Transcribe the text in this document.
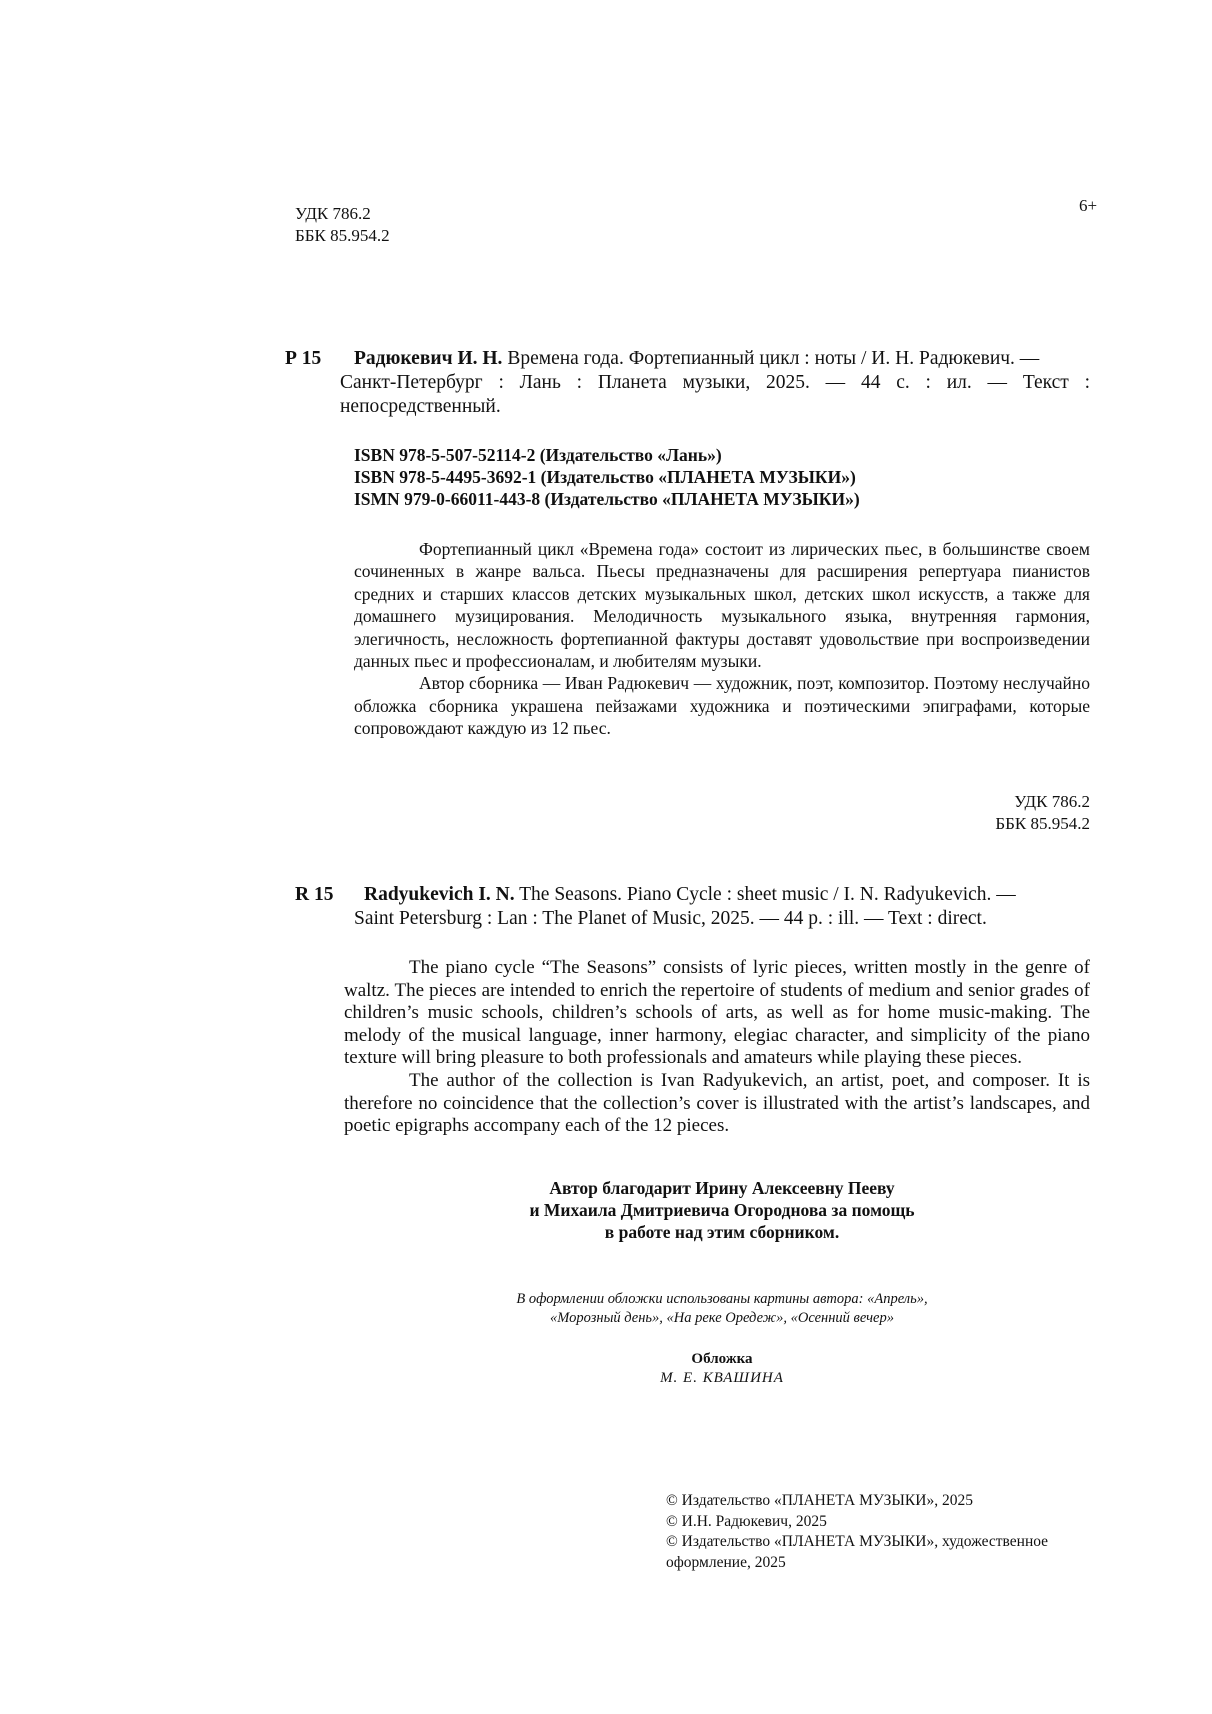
УДК 786.2
ББК 85.954.2
6+
Р 15 Радюкевич И. Н. Времена года. Фортепианный цикл : ноты / И. Н. Радюкевич. —
Санкт-Петербург : Лань : Планета музыки, 2025. — 44 с. : ил. — Текст :
непосредственный.
ISBN 978-5-507-52114-2 (Издательство «Лань»)
ISBN 978-5-4495-3692-1 (Издательство «ПЛАНЕТА МУЗЫКИ»)
ISMN 979-0-66011-443-8 (Издательство «ПЛАНЕТА МУЗЫКИ»)

Фортепианный цикл «Времена года» состоит из лирических пьес, в большинстве своем сочиненных в жанре вальса. Пьесы предназначены для расширения репертуара пианистов средних и старших классов детских музыкальных школ, детских школ искусств, а также для домашнего музицирования. Мелодичность музыкального языка, внутренняя гармония, элегичность, несложность фортепианной фактуры доставят удовольствие при воспроизведении данных пьес и профессионалам, и любителям музыки.

Автор сборника — Иван Радюкевич — художник, поэт, композитор. Поэтому неслучайно обложка сборника украшена пейзажами художника и поэтическими эпиграфами, которые сопровождают каждую из 12 пьес.

УДК 786.2
ББК 85.954.2
R 15 Radyukevich I. N. The Seasons. Piano Cycle : sheet music / I. N. Radyukevich. —
Saint Petersburg : Lan : The Planet of Music, 2025. — 44 p. : ill. — Text : direct.

The piano cycle “The Seasons” consists of lyric pieces, written mostly in the genre of waltz. The pieces are intended to enrich the repertoire of students of medium and senior grades of children’s music schools, children’s schools of arts, as well as for home music-making. The melody of the musical language, inner harmony, elegiac character, and simplicity of the piano texture will bring pleasure to both professionals and amateurs while playing these pieces.

The author of the collection is Ivan Radyukevich, an artist, poet, and composer. It is therefore no coincidence that the collection’s cover is illustrated with the artist’s landscapes, and poetic epigraphs accompany each of the 12 pieces.

Автор благодарит Ирину Алексеевну Пееву
и Михаила Дмитриевича Огороднова за помощь
в работе над этим сборником.
В оформлении обложки использованы картины автора: «Апрель»,
«Морозный день», «На реке Оредеж», «Осенний вечер»
Обложка
М. Е. КВАШИНА
© Издательство «ПЛАНЕТА МУЗЫКИ», 2025
© И.Н. Радюкевич, 2025
© Издательство «ПЛАНЕТА МУЗЫКИ», художественное
оформление, 2025
